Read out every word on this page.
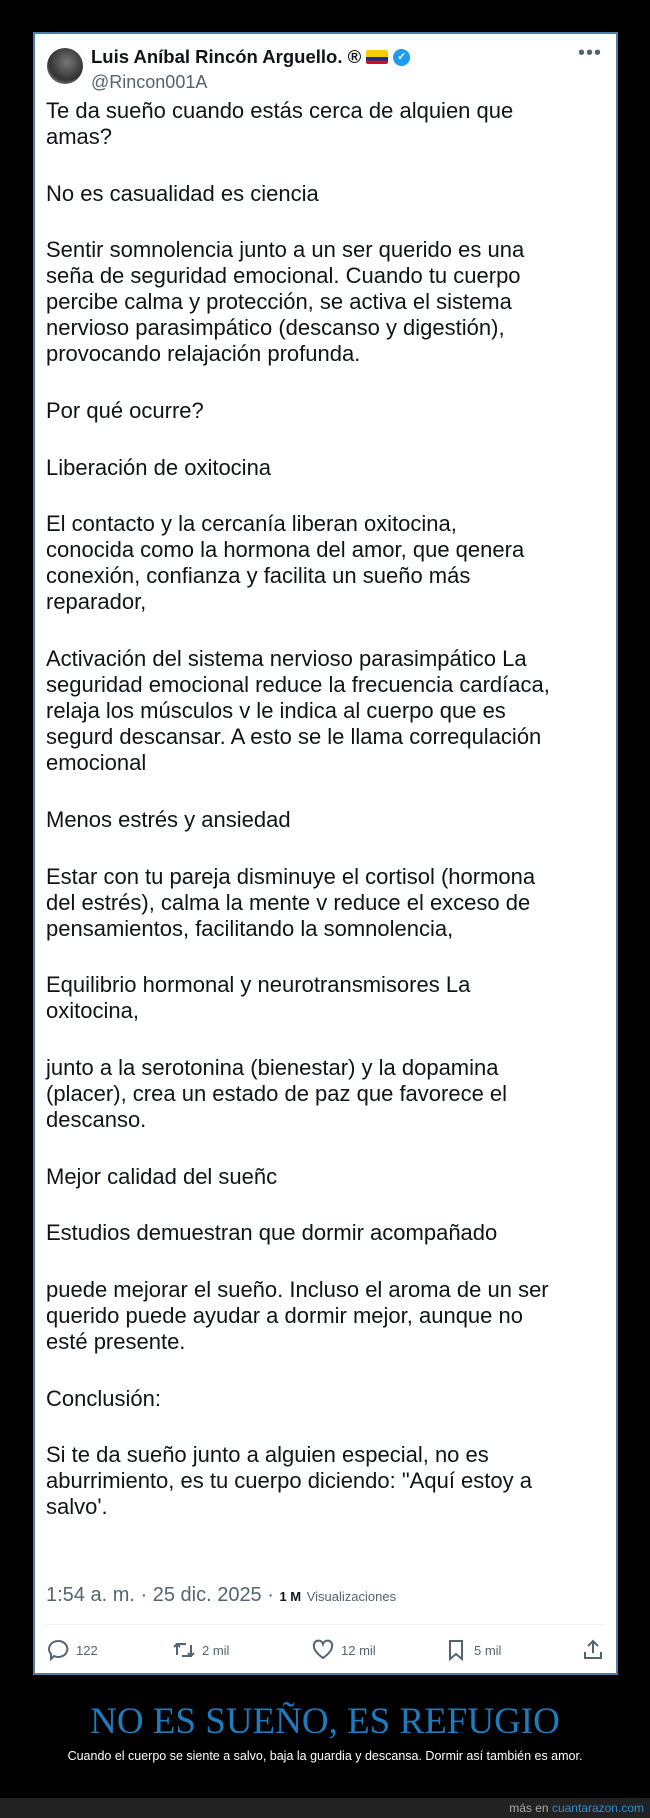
Luis Aníbal Rincón Arguello. ®	✓
@Rincon001A
•••

Te da sueño cuando estás cerca de alquien que
amas?

No es casualidad es ciencia

Sentir somnolencia junto a un ser querido es una
seña de seguridad emocional. Cuando tu cuerpo
percibe calma y protección, se activa el sistema
nervioso parasimpático (descanso y digestión),
provocando relajación profunda.

Por qué ocurre?

Liberación de oxitocina

El contacto y la cercanía liberan oxitocina,
conocida como la hormona del amor, que qenera
conexión, confianza y facilita un sueño más
reparador,

Activación del sistema nervioso parasimpático La
seguridad emocional reduce la frecuencia cardíaca,
relaja los músculos v le indica al cuerpo que es
segurd descansar. A esto se le llama correqulación
emocional

Menos estrés y ansiedad

Estar con tu pareja disminuye el cortisol (hormona
del estrés), calma la mente v reduce el exceso de
pensamientos, facilitando la somnolencia,

Equilibrio hormonal y neurotransmisores La
oxitocina,

junto a la serotonina (bienestar) y la dopamina
(placer), crea un estado de paz que favorece el
descanso.

Mejor calidad del sueñc

Estudios demuestran que dormir acompañado

puede mejorar el sueño. Incluso el aroma de un ser
querido puede ayudar a dormir mejor, aunque no
esté presente.

Conclusión:

Si te da sueño junto a alguien especial, no es
aburrimiento, es tu cuerpo diciendo: "Aquí estoy a
salvo'.

1:54 a. m. · 25 dic. 2025 · 1 M Visualizaciones
122	2 mil	12 mil	5 mil
NO ES SUEÑO, ES REFUGIO
Cuando el cuerpo se siente a salvo, baja la guardia y descansa. Dormir así también es amor.
más en cuantarazon.com
